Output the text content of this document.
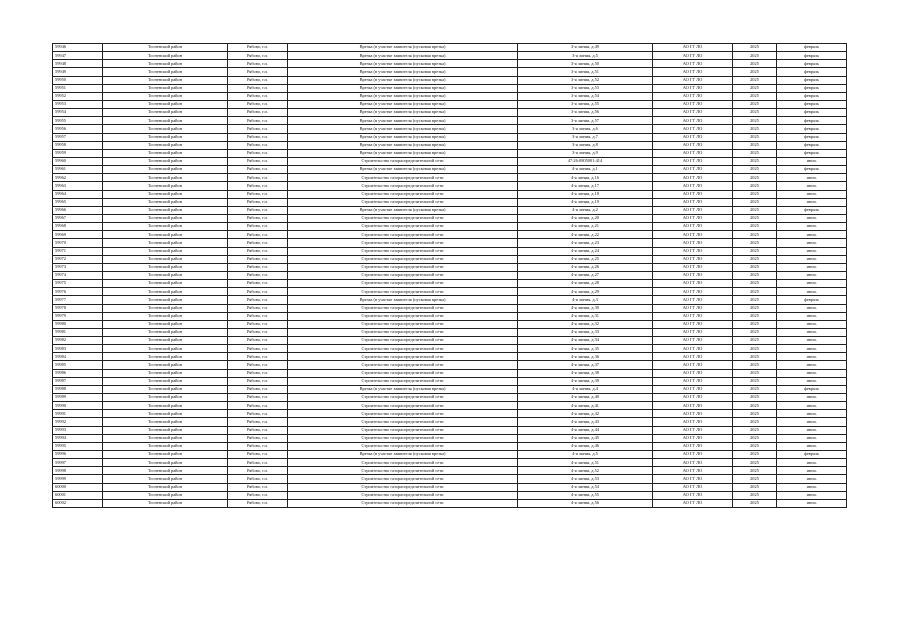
59946	Тосненский район	Рябово, г.п.	Врезка (в участке заявителя (пусковая врезка)	3-я линия, д.49	АО ГГ ЛО	2025	февраль
59947	Тосненский район	Рябово, г.п.	Врезка (в участке заявителя (пусковая врезка)	3-я линия, д.5	АО ГГ ЛО	2025	февраль
59948	Тосненский район	Рябово, г.п.	Врезка (в участке заявителя (пусковая врезка)	3-я линия, д.50	АО ГГ ЛО	2025	февраль
59949	Тосненский район	Рябово, г.п.	Врезка (в участке заявителя (пусковая врезка)	3-я линия, д.51	АО ГГ ЛО	2025	февраль
59950	Тосненский район	Рябово, г.п.	Врезка (в участке заявителя (пусковая врезка)	3-я линия, д.52	АО ГГ ЛО	2025	февраль
59951	Тосненский район	Рябово, г.п.	Врезка (в участке заявителя (пусковая врезка)	3-я линия, д.53	АО ГГ ЛО	2025	февраль
59952	Тосненский район	Рябово, г.п.	Врезка (в участке заявителя (пусковая врезка)	3-я линия, д.54	АО ГГ ЛО	2025	февраль
59953	Тосненский район	Рябово, г.п.	Врезка (в участке заявителя (пусковая врезка)	3-я линия, д.55	АО ГГ ЛО	2025	февраль
59954	Тосненский район	Рябово, г.п.	Врезка (в участке заявителя (пусковая врезка)	3-я линия, д.56	АО ГГ ЛО	2025	февраль
59955	Тосненский район	Рябово, г.п.	Врезка (в участке заявителя (пусковая врезка)	3-я линия, д.57	АО ГГ ЛО	2025	февраль
59956	Тосненский район	Рябово, г.п.	Врезка (в участке заявителя (пусковая врезка)	3-я линия, д.6	АО ГГ ЛО	2025	февраль
59957	Тосненский район	Рябово, г.п.	Врезка (в участке заявителя (пусковая врезка)	3-я линия, д.7	АО ГГ ЛО	2025	февраль
59958	Тосненский район	Рябово, г.п.	Врезка (в участке заявителя (пусковая врезка)	3-я линия, д.8	АО ГГ ЛО	2025	февраль
59959	Тосненский район	Рябово, г.п.	Врезка (в участке заявителя (пусковая врезка)	3-я линия, д.9	АО ГГ ЛО	2025	февраль
59960	Тосненский район	Рябово, г.п.	Строительство газораспределительной сети	47:26:0805001:414	АО ГГ ЛО	2025	июль
59961	Тосненский район	Рябово, г.п.	Врезка (в участке заявителя (пусковая врезка)	4-я линия, д.1	АО ГГ ЛО	2025	февраль
59962	Тосненский район	Рябово, г.п.	Строительство газораспределительной сети	4-я линия, д.16	АО ГГ ЛО	2025	июль
59963	Тосненский район	Рябово, г.п.	Строительство газораспределительной сети	4-я линия, д.17	АО ГГ ЛО	2025	июль
59964	Тосненский район	Рябово, г.п.	Строительство газораспределительной сети	4-я линия, д.18	АО ГГ ЛО	2025	июль
59965	Тосненский район	Рябово, г.п.	Строительство газораспределительной сети	4-я линия, д.19	АО ГГ ЛО	2025	июль
59966	Тосненский район	Рябово, г.п.	Врезка (в участке заявителя (пусковая врезка)	4-я линия, д.2	АО ГГ ЛО	2025	февраль
59967	Тосненский район	Рябово, г.п.	Строительство газораспределительной сети	4-я линия, д.20	АО ГГ ЛО	2025	июль
59968	Тосненский район	Рябово, г.п.	Строительство газораспределительной сети	4-я линия, д.21	АО ГГ ЛО	2025	июль
59969	Тосненский район	Рябово, г.п.	Строительство газораспределительной сети	4-я линия, д.22	АО ГГ ЛО	2025	июль
59970	Тосненский район	Рябово, г.п.	Строительство газораспределительной сети	4-я линия, д.23	АО ГГ ЛО	2025	июль
59971	Тосненский район	Рябово, г.п.	Строительство газораспределительной сети	4-я линия, д.24	АО ГГ ЛО	2025	июль
59972	Тосненский район	Рябово, г.п.	Строительство газораспределительной сети	4-я линия, д.25	АО ГГ ЛО	2025	июль
59973	Тосненский район	Рябово, г.п.	Строительство газораспределительной сети	4-я линия, д.26	АО ГГ ЛО	2025	июль
59974	Тосненский район	Рябово, г.п.	Строительство газораспределительной сети	4-я линия, д.27	АО ГГ ЛО	2025	июль
59975	Тосненский район	Рябово, г.п.	Строительство газораспределительной сети	4-я линия, д.28	АО ГГ ЛО	2025	июль
59976	Тосненский район	Рябово, г.п.	Строительство газораспределительной сети	4-я линия, д.29	АО ГГ ЛО	2025	июль
59977	Тосненский район	Рябово, г.п.	Врезка (в участке заявителя (пусковая врезка)	4-я линия, д.3	АО ГГ ЛО	2025	февраль
59978	Тосненский район	Рябово, г.п.	Строительство газораспределительной сети	4-я линия, д.30	АО ГГ ЛО	2025	июль
59979	Тосненский район	Рябово, г.п.	Строительство газораспределительной сети	4-я линия, д.31	АО ГГ ЛО	2025	июль
59980	Тосненский район	Рябово, г.п.	Строительство газораспределительной сети	4-я линия, д.32	АО ГГ ЛО	2025	июль
59981	Тосненский район	Рябово, г.п.	Строительство газораспределительной сети	4-я линия, д.33	АО ГГ ЛО	2025	июль
59982	Тосненский район	Рябово, г.п.	Строительство газораспределительной сети	4-я линия, д.34	АО ГГ ЛО	2025	июль
59983	Тосненский район	Рябово, г.п.	Строительство газораспределительной сети	4-я линия, д.35	АО ГГ ЛО	2025	июль
59984	Тосненский район	Рябово, г.п.	Строительство газораспределительной сети	4-я линия, д.36	АО ГГ ЛО	2025	июль
59985	Тосненский район	Рябово, г.п.	Строительство газораспределительной сети	4-я линия, д.37	АО ГГ ЛО	2025	июль
59986	Тосненский район	Рябово, г.п.	Строительство газораспределительной сети	4-я линия, д.38	АО ГГ ЛО	2025	июль
59987	Тосненский район	Рябово, г.п.	Строительство газораспределительной сети	4-я линия, д.39	АО ГГ ЛО	2025	июль
59988	Тосненский район	Рябово, г.п.	Врезка (в участке заявителя (пусковая врезка)	4-я линия, д.4	АО ГГ ЛО	2025	февраль
59989	Тосненский район	Рябово, г.п.	Строительство газораспределительной сети	4-я линия, д.40	АО ГГ ЛО	2025	июль
59990	Тосненский район	Рябово, г.п.	Строительство газораспределительной сети	4-я линия, д.41	АО ГГ ЛО	2025	июль
59991	Тосненский район	Рябово, г.п.	Строительство газораспределительной сети	4-я линия, д.42	АО ГГ ЛО	2025	июль
59992	Тосненский район	Рябово, г.п.	Строительство газораспределительной сети	4-я линия, д.43	АО ГГ ЛО	2025	июль
59993	Тосненский район	Рябово, г.п.	Строительство газораспределительной сети	4-я линия, д.44	АО ГГ ЛО	2025	июль
59994	Тосненский район	Рябово, г.п.	Строительство газораспределительной сети	4-я линия, д.45	АО ГГ ЛО	2025	июль
59995	Тосненский район	Рябово, г.п.	Строительство газораспределительной сети	4-я линия, д.46	АО ГГ ЛО	2025	июль
59996	Тосненский район	Рябово, г.п.	Врезка (в участке заявителя (пусковая врезка)	4-я линия, д.5	АО ГГ ЛО	2025	февраль
59997	Тосненский район	Рябово, г.п.	Строительство газораспределительной сети	4-я линия, д.51	АО ГГ ЛО	2025	июль
59998	Тосненский район	Рябово, г.п.	Строительство газораспределительной сети	4-я линия, д.52	АО ГГ ЛО	2025	июль
59999	Тосненский район	Рябово, г.п.	Строительство газораспределительной сети	4-я линия, д.53	АО ГГ ЛО	2025	июль
60000	Тосненский район	Рябово, г.п.	Строительство газораспределительной сети	4-я линия, д.54	АО ГГ ЛО	2025	июль
60001	Тосненский район	Рябово, г.п.	Строительство газораспределительной сети	4-я линия, д.55	АО ГГ ЛО	2025	июль
60002	Тосненский район	Рябово, г.п.	Строительство газораспределительной сети	4-я линия, д.56	АО ГГ ЛО	2025	июль
